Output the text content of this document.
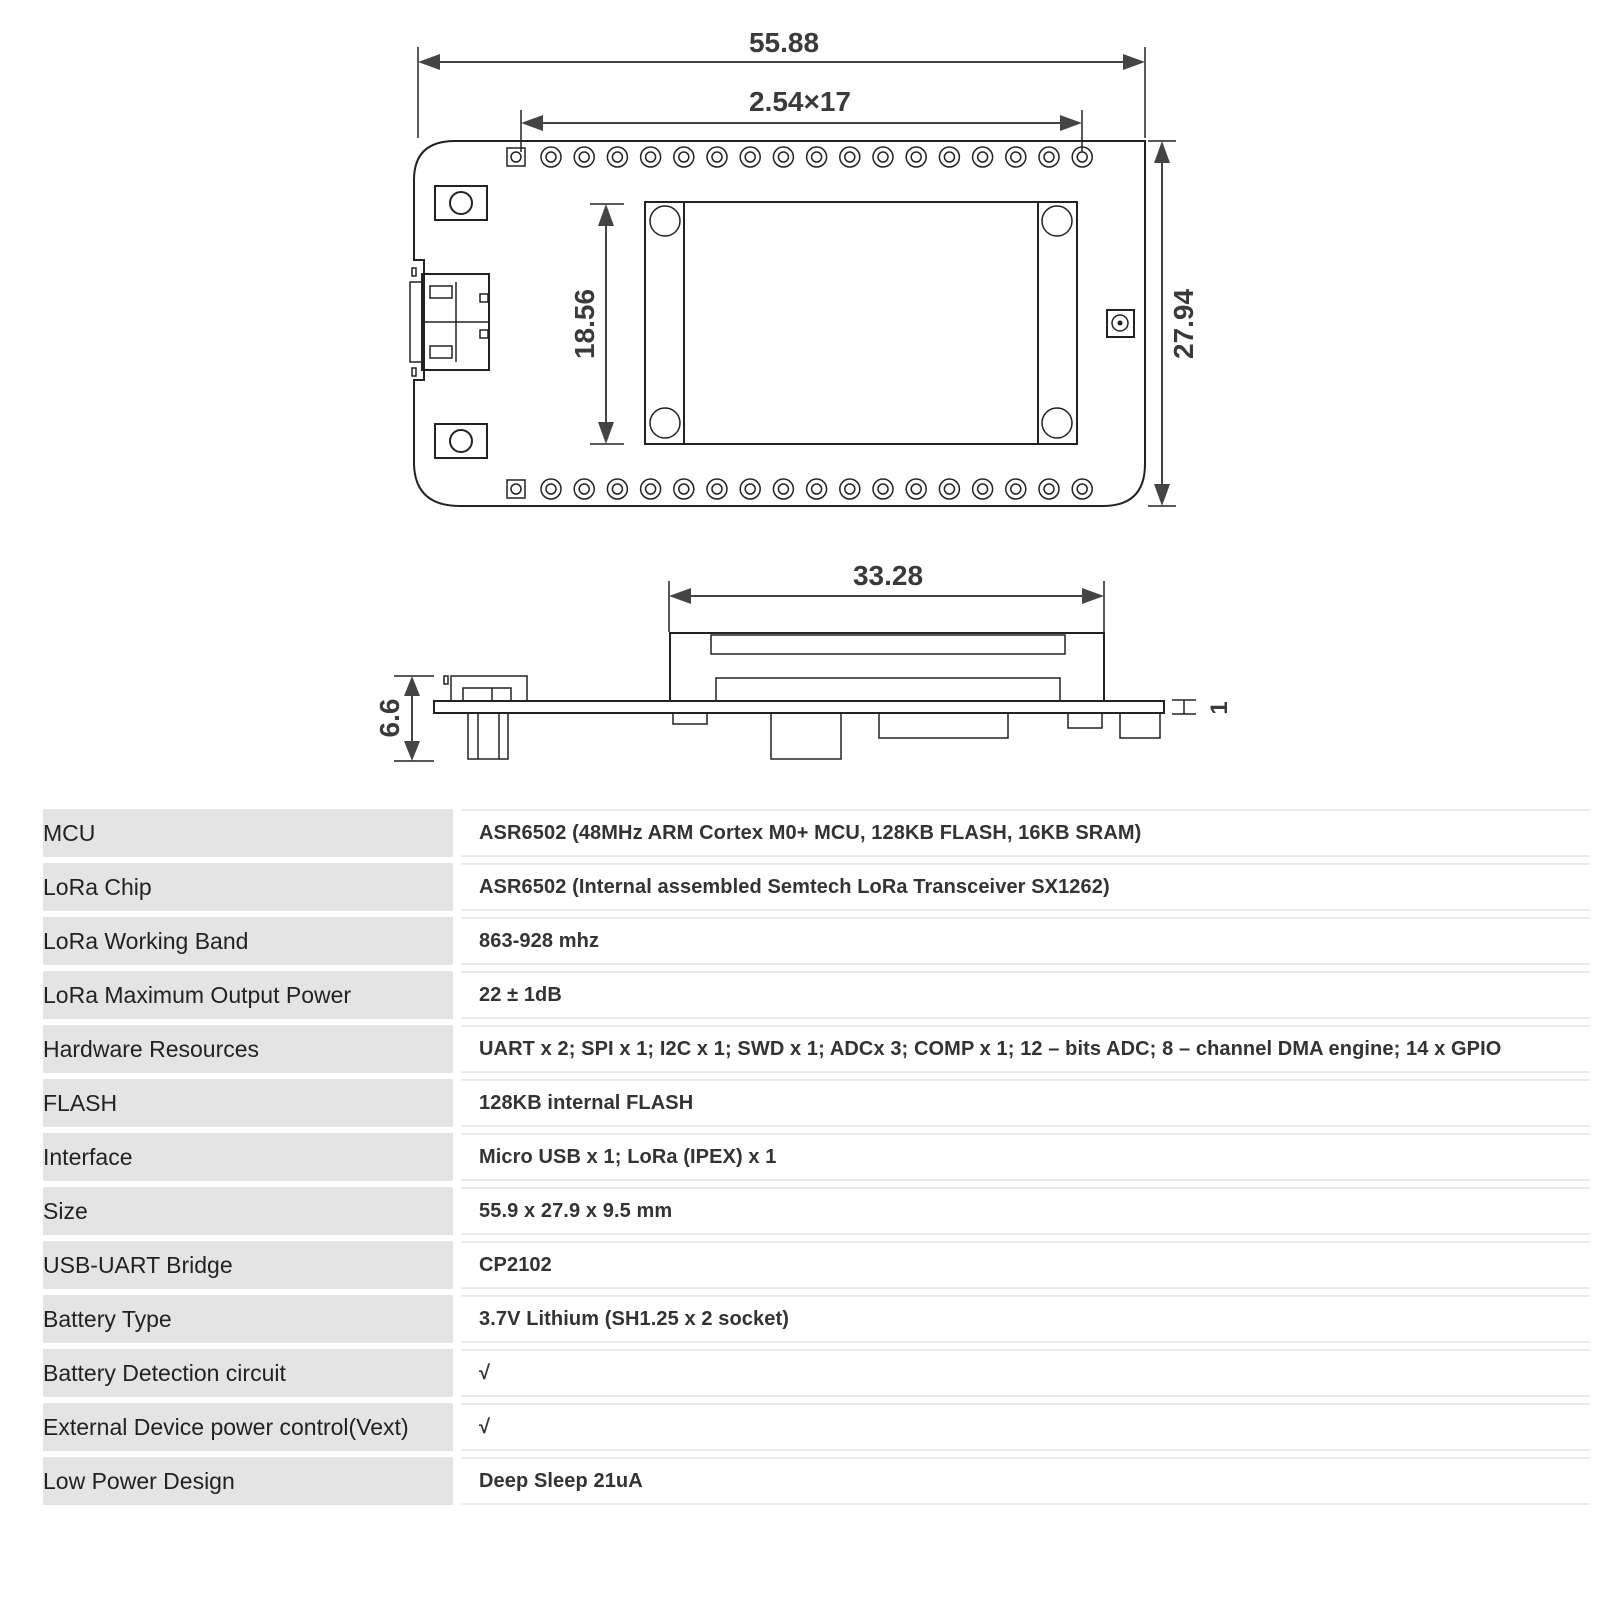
55.88
2.54×17
18.56	27.94
33.28
6.6	1
MCU		ASR6502 (48MHz ARM Cortex M0+ MCU, 128KB FLASH, 16KB SRAM)

LoRa Chip		ASR6502 (Internal assembled Semtech LoRa Transceiver SX1262)

LoRa Working Band		863-928 mhz

LoRa Maximum Output Power		22 ± 1dB

Hardware Resources		UART x 2; SPI x 1; I2C x 1; SWD x 1; ADCx 3; COMP x 1; 12 – bits ADC; 8 – channel DMA engine; 14 x GPIO

FLASH		128KB internal FLASH

Interface		Micro USB x 1; LoRa (IPEX) x 1

Size		55.9 x 27.9 x 9.5 mm

USB-UART Bridge		CP2102

Battery Type		3.7V Lithium (SH1.25 x 2 socket)

Battery Detection circuit		√

External Device power control(Vext)		√

Low Power Design		Deep Sleep 21uA
